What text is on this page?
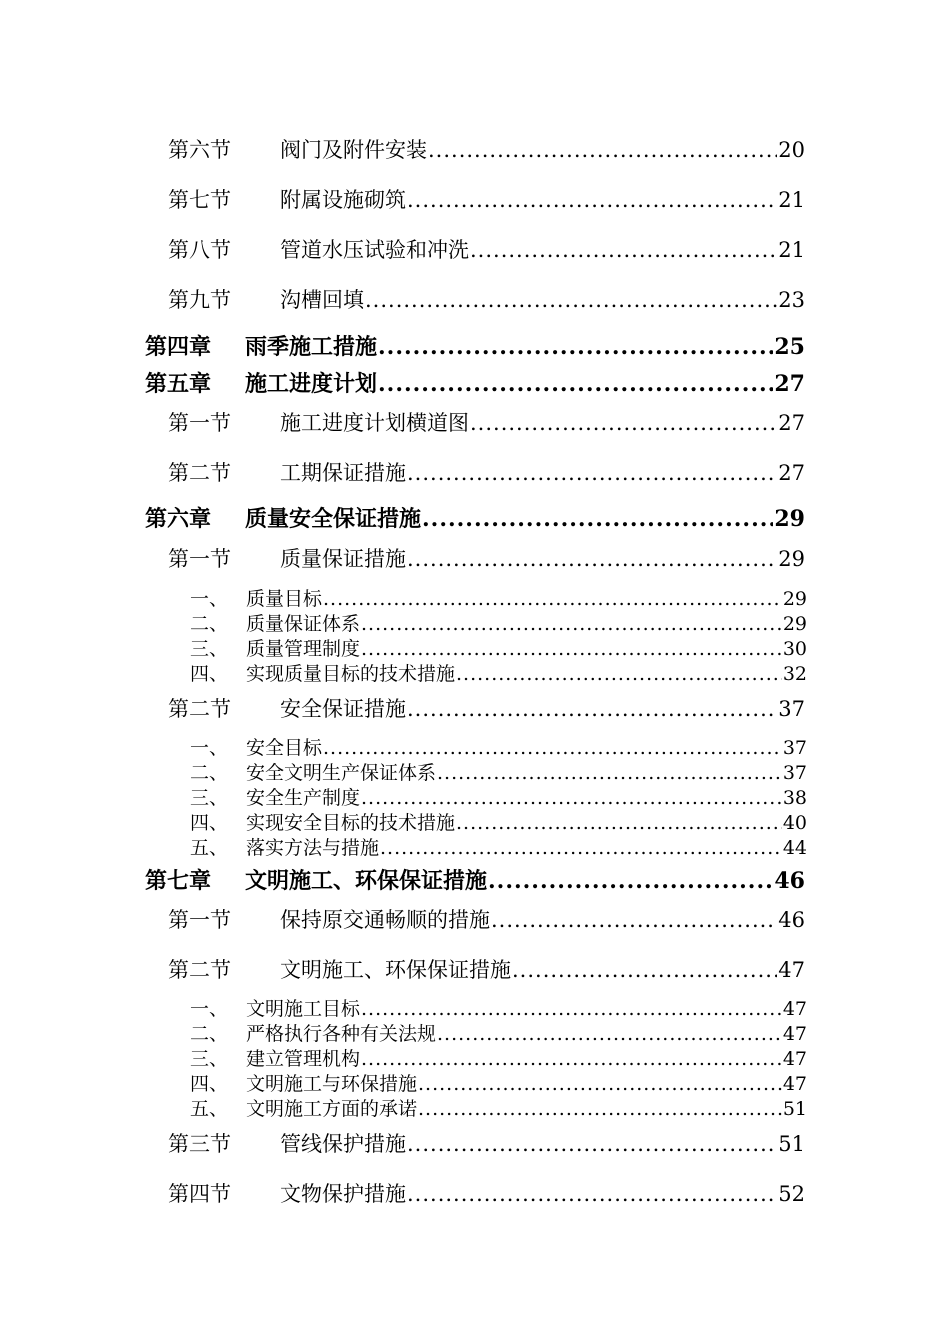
第六节 阀门及附件安装 .....	20
第七节 附属设施砌筑 .....	21
第八节 管道水压试验和冲洗 .....	21
第九节 沟槽回填 .....	23
第四章 雨季施工措施 .....	25
第五章 施工进度计划 .....	27
第一节 施工进度计划横道图 .....	27
第二节 工期保证措施 .....	27
第六章 质量安全保证措施 .....	29
第一节 质量保证措施 .....	29
一、 质量目标 .....	29
二、 质量保证体系 .....	29
三、 质量管理制度 .....	30
四、 实现质量目标的技术措施 .....	32
第二节 安全保证措施 .....	37
一、 安全目标 .....	37
二、 安全文明生产保证体系 .....	37
三、 安全生产制度 .....	38
四、 实现安全目标的技术措施 .....	40
五、 落实方法与措施 .....	44
第七章 文明施工、环保保证措施 .....	46
第一节 保持原交通畅顺的措施 .....	46
第二节 文明施工、环保保证措施 .....	47
一、 文明施工目标 .....	47
二、 严格执行各种有关法规 .....	47
三、 建立管理机构 .....	47
四、 文明施工与环保措施 .....	47
五、 文明施工方面的承诺 .....	51
第三节 管线保护措施 .....	51
第四节 文物保护措施 .....	52
